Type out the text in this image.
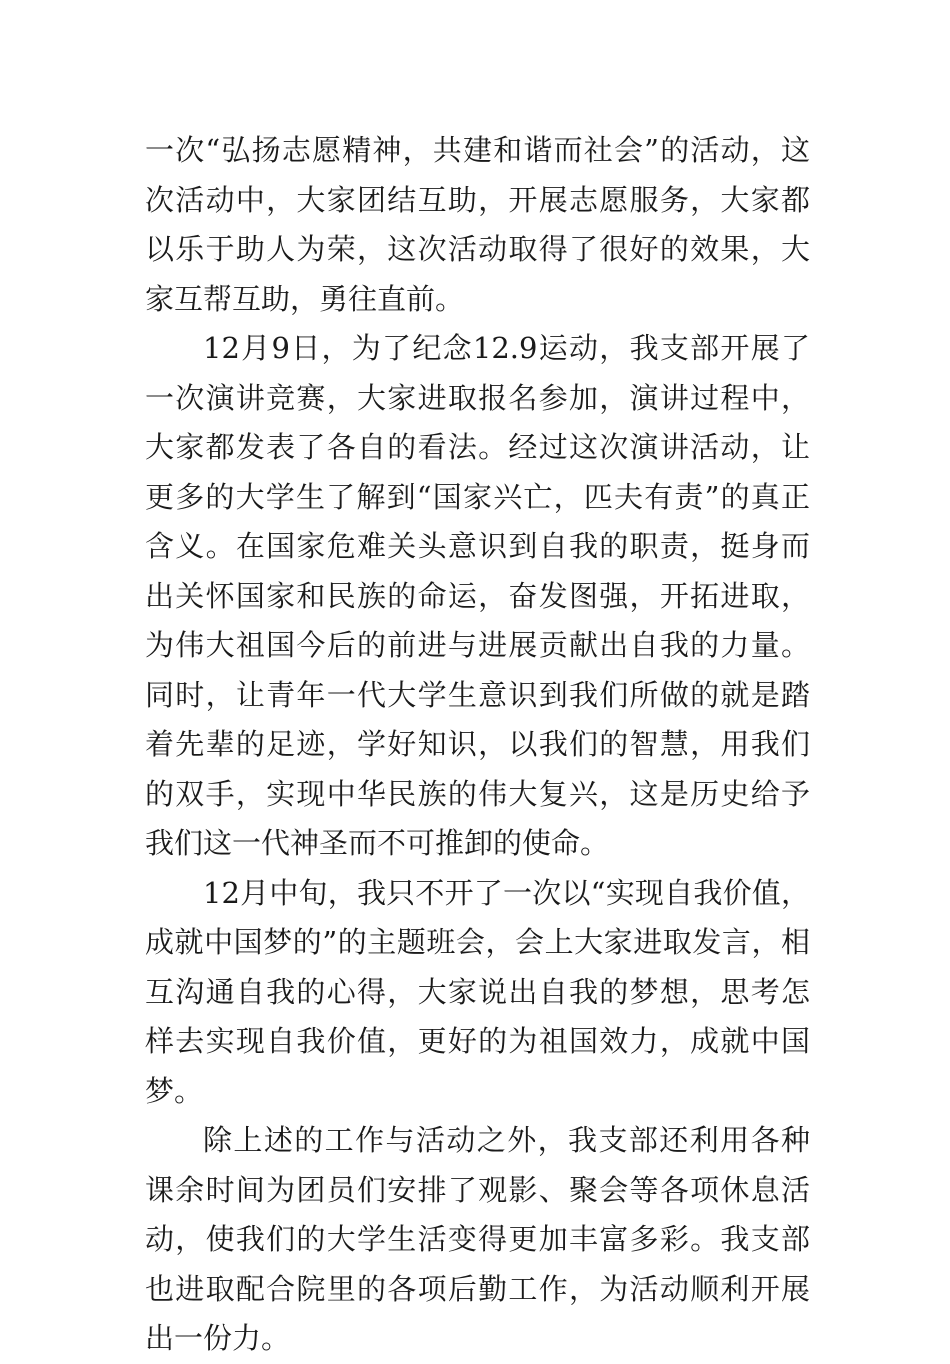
一次“弘扬志愿精神，共建和谐而社会”的活动，这次活动中，大家团结互助，开展志愿服务，大家都以乐于助人为荣，这次活动取得了很好的效果，大家互帮互助，勇往直前。

12月9日，为了纪念12.9运动，我支部开展了一次演讲竞赛，大家进取报名参加，演讲过程中，大家都发表了各自的看法。经过这次演讲活动，让更多的大学生了解到“国家兴亡，匹夫有责”的真正含义。在国家危难关头意识到自我的职责，挺身而出关怀国家和民族的命运，奋发图强，开拓进取，为伟大祖国今后的前进与进展贡献出自我的力量。同时，让青年一代大学生意识到我们所做的就是踏着先辈的足迹，学好知识，以我们的智慧，用我们的双手，实现中华民族的伟大复兴，这是历史给予我们这一代神圣而不可推卸的使命。

12月中旬，我只不开了一次以“实现自我价值，成就中国梦的”的主题班会，会上大家进取发言，相互沟通自我的心得，大家说出自我的梦想，思考怎样去实现自我价值，更好的为祖国效力，成就中国梦。

除上述的工作与活动之外，我支部还利用各种课余时间为团员们安排了观影、聚会等各项休息活动，使我们的大学生活变得更加丰富多彩。我支部也进取配合院里的各项后勤工作，为活动顺利开展出一份力。
